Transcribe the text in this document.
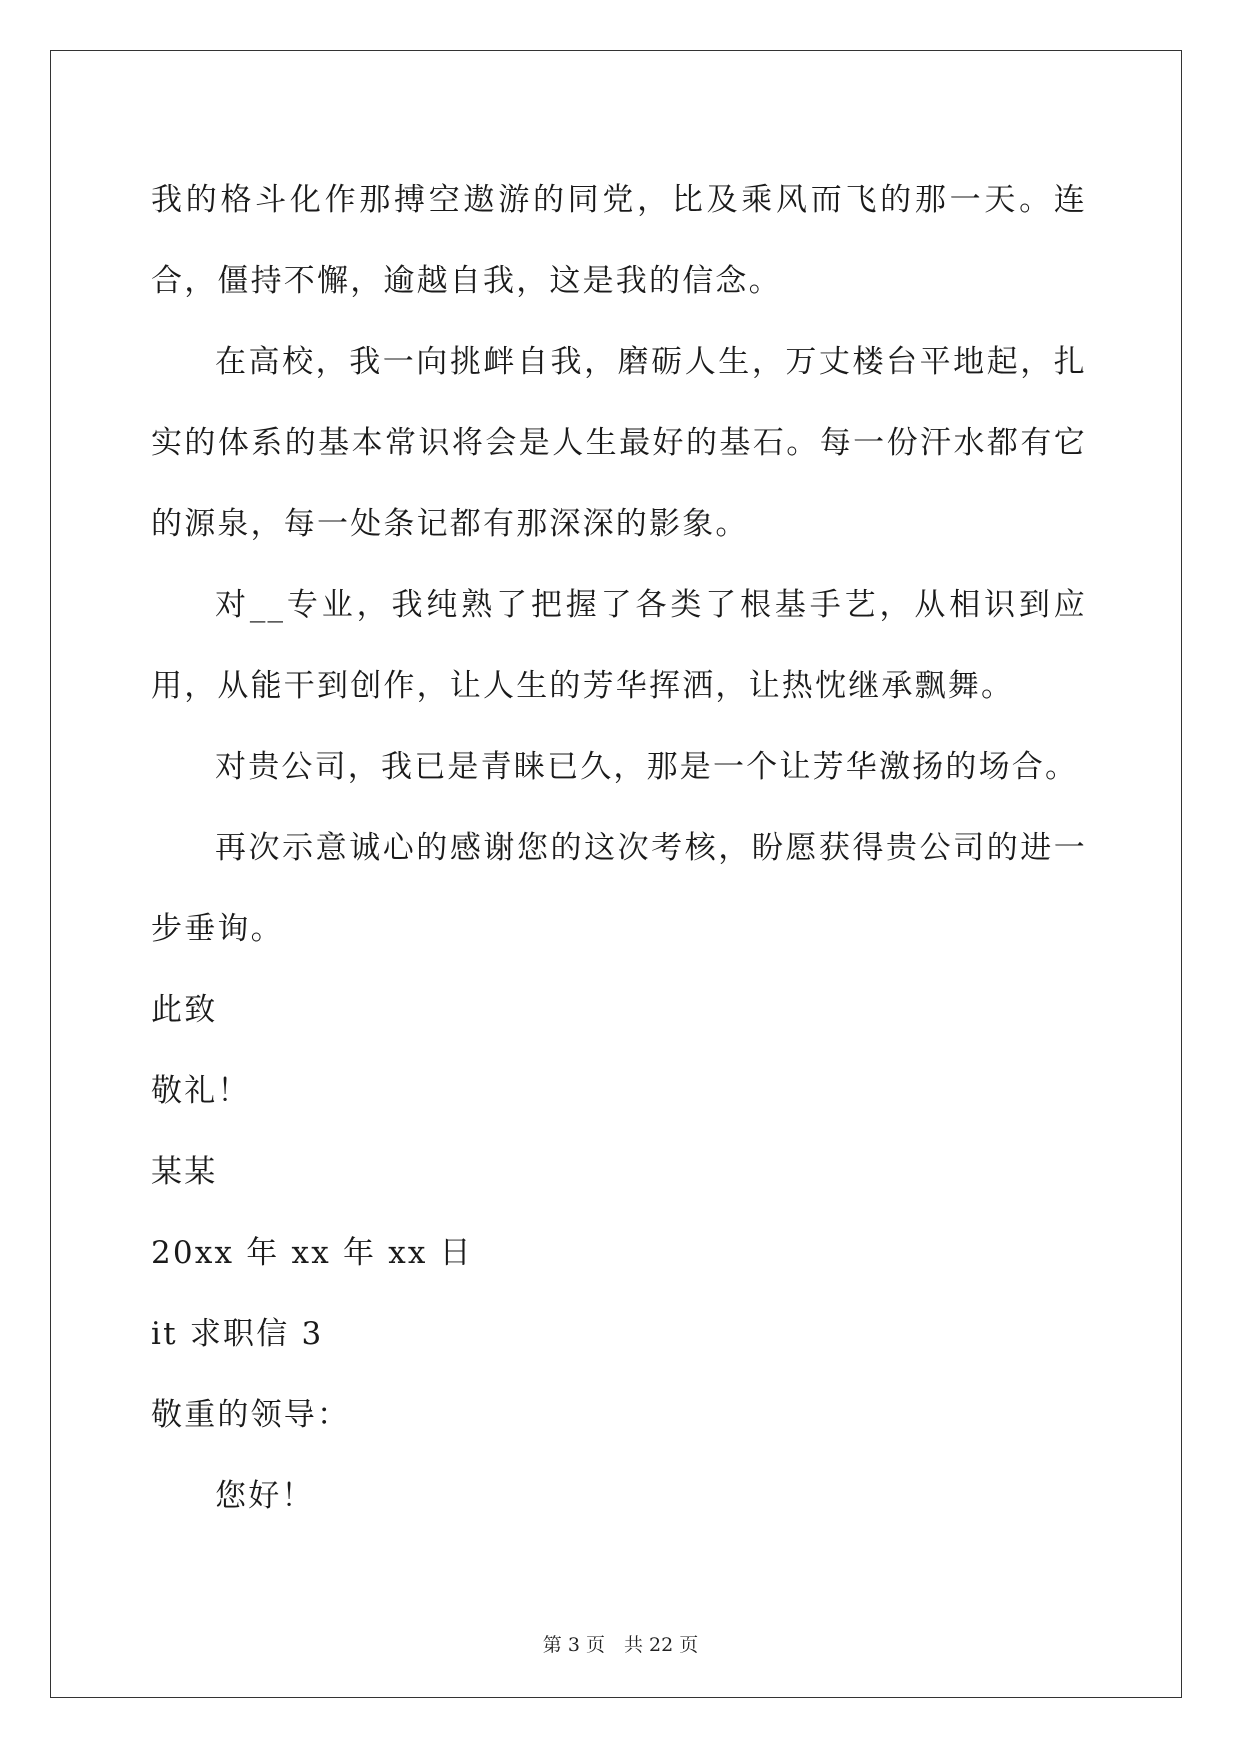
我的格斗化作那搏空遨游的同党，比及乘风而飞的那一天。连合，僵持不懈，逾越自我，这是我的信念。

在高校，我一向挑衅自我，磨砺人生，万丈楼台平地起，扎实的体系的基本常识将会是人生最好的基石。每一份汗水都有它的源泉，每一处条记都有那深深的影象。

对__专业，我纯熟了把握了各类了根基手艺，从相识到应用，从能干到创作，让人生的芳华挥洒，让热忱继承飘舞。

对贵公司，我已是青睐已久，那是一个让芳华激扬的场合。

再次示意诚心的感谢您的这次考核，盼愿获得贵公司的进一步垂询。

此致

敬礼！

某某

20xx 年 xx 年 xx 日

it 求职信 3

敬重的领导：

您好！

第 3 页　共 22 页
